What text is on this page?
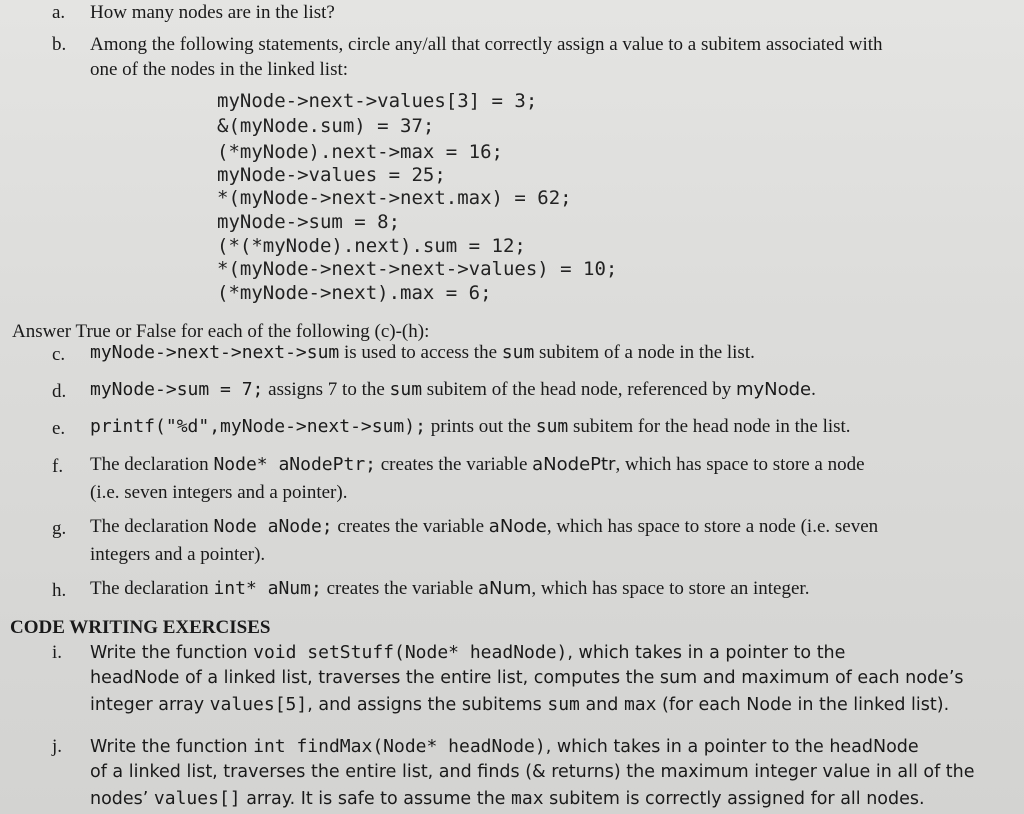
a. How many nodes are in the list?
b. Among the following statements, circle any/all that correctly assign a value to a subitem associated with
one of the nodes in the linked list:
myNode->next->values[3] = 3;
&(myNode.sum) = 37;
(*myNode).next->max = 16;
myNode->values = 25;
*(myNode->next->next.max) = 62;
myNode->sum = 8;
(*(*myNode).next).sum = 12;
*(myNode->next->next->values) = 10;
(*myNode->next).max = 6;
Answer True or False for each of the following (c)-(h):
c. myNode->next->next->sum is used to access the sum subitem of a node in the list.
d. myNode->sum = 7; assigns 7 to the sum subitem of the head node, referenced by myNode.
e. printf("%d",myNode->next->sum); prints out the sum subitem for the head node in the list.
f. The declaration Node* aNodePtr; creates the variable aNodePtr, which has space to store a node
(i.e. seven integers and a pointer).
g. The declaration Node aNode; creates the variable aNode, which has space to store a node (i.e. seven
integers and a pointer).
h. The declaration int* aNum; creates the variable aNum, which has space to store an integer.
CODE WRITING EXERCISES
i. Write the function void setStuff(Node* headNode), which takes in a pointer to the
headNode of a linked list, traverses the entire list, computes the sum and maximum of each node’s
integer array values[5], and assigns the subitems sum and max (for each Node in the linked list).
j. Write the function int findMax(Node* headNode), which takes in a pointer to the headNode
of a linked list, traverses the entire list, and finds (& returns) the maximum integer value in all of the
nodes’ values[] array. It is safe to assume the max subitem is correctly assigned for all nodes.
